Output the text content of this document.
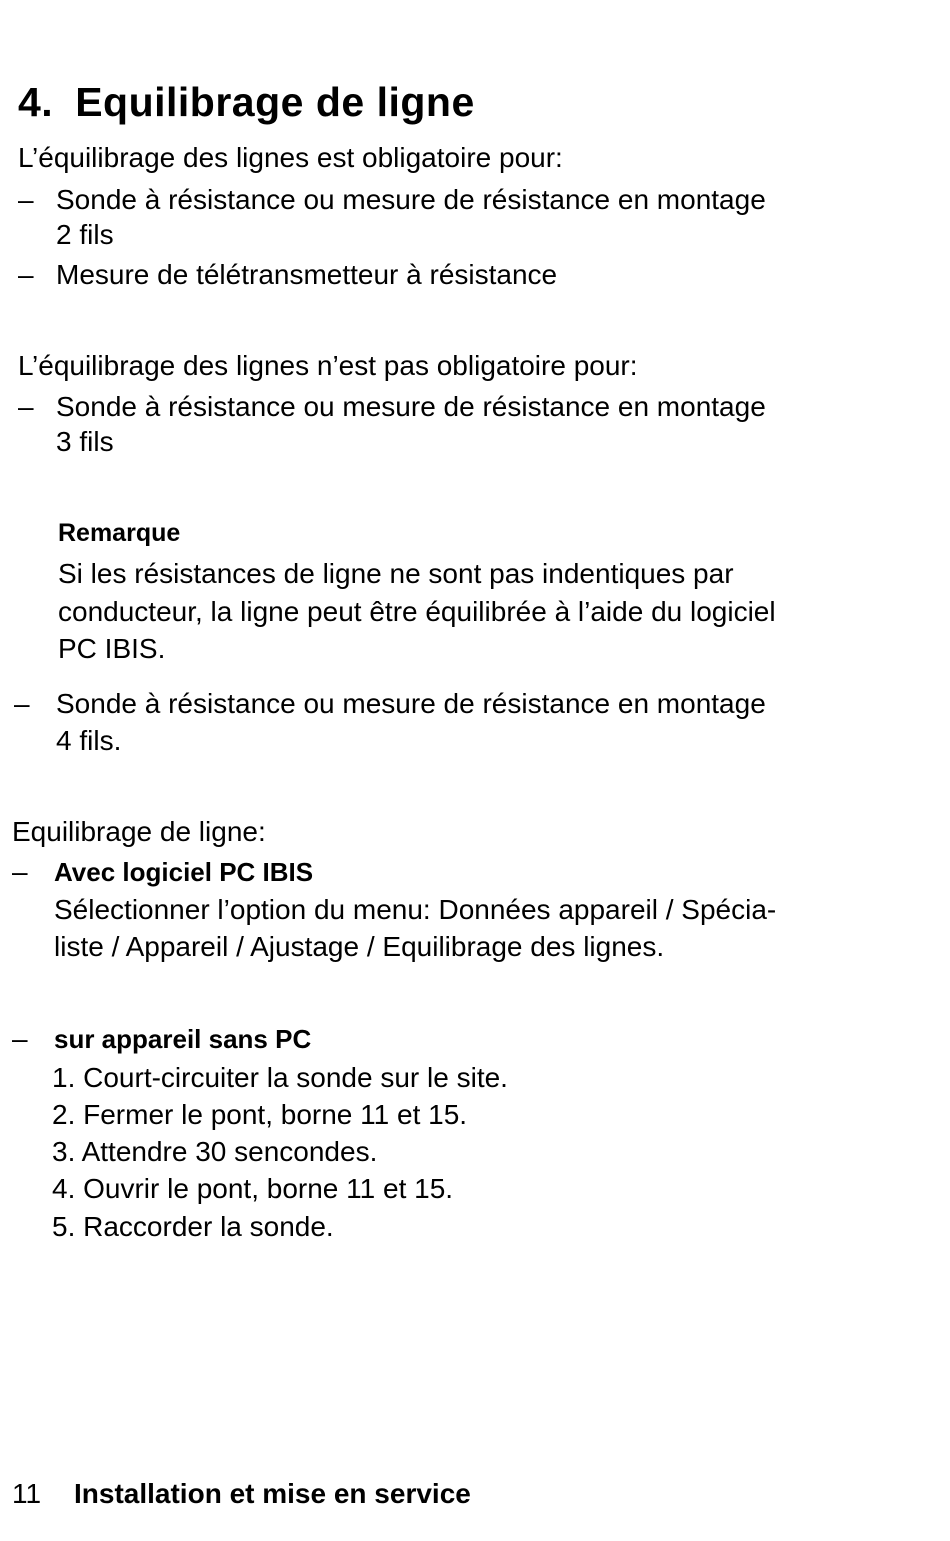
4. Equilibrage de ligne

L’équilibrage des lignes est obligatoire pour:

– Sonde à résistance ou mesure de résistance en montage

2 fils

– Mesure de télétransmetteur à résistance

L’équilibrage des lignes n’est pas obligatoire pour:

– Sonde à résistance ou mesure de résistance en montage

3 fils

Remarque

Si les résistances de ligne ne sont pas indentiques par

conducteur, la ligne peut être équilibrée à l’aide du logiciel

PC IBIS.

– Sonde à résistance ou mesure de résistance en montage

4 fils.

Equilibrage de ligne:

– Avec logiciel PC IBIS

Sélectionner l’option du menu: Données appareil / Spécia-

liste / Appareil / Ajustage / Equilibrage des lignes.

– sur appareil sans PC

1. Court-circuiter la sonde sur le site.

2. Fermer le pont, borne 11 et 15.

3. Attendre 30 sencondes.

4. Ouvrir le pont, borne 11 et 15.

5. Raccorder la sonde.

11 Installation et mise en service
